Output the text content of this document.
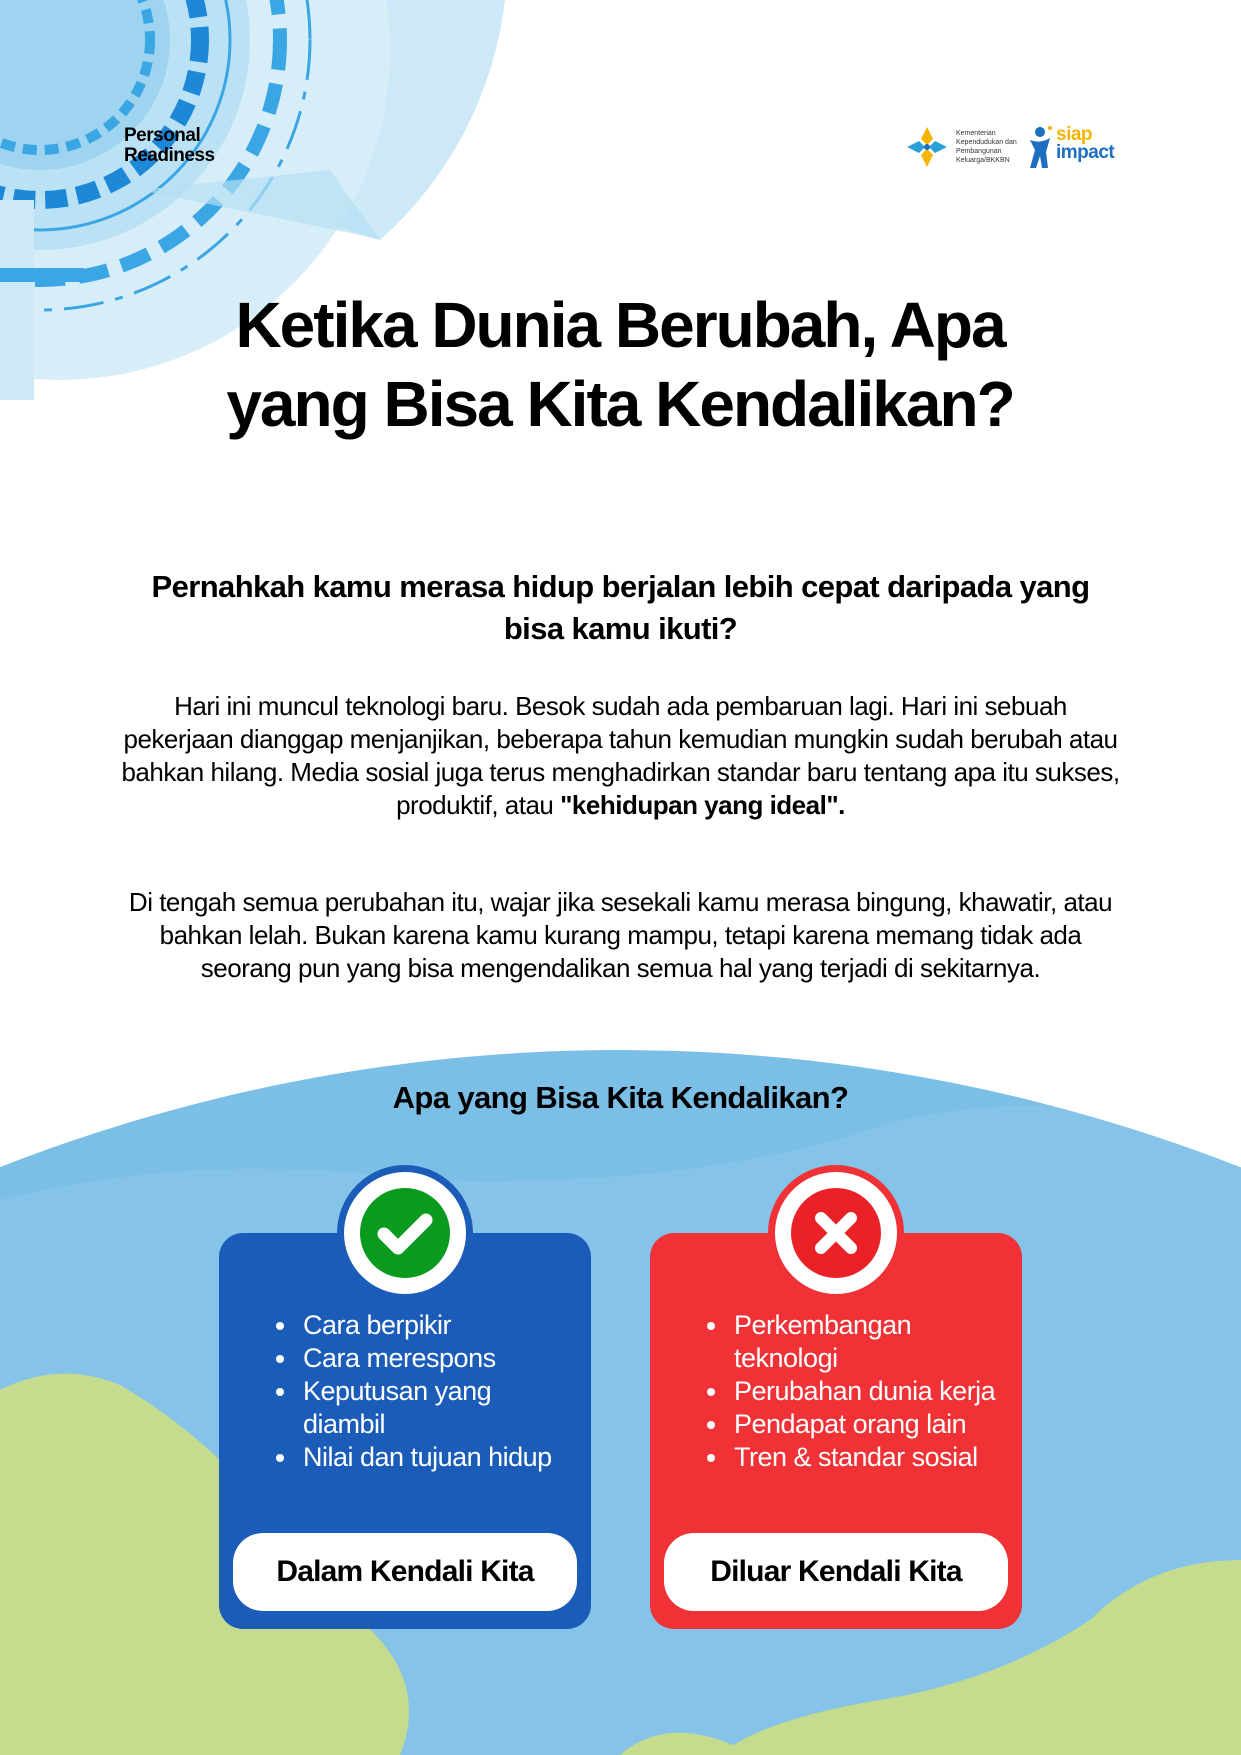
Personal
Readiness
Kementerian Kependudukan dan Pembangunan Keluarga/BKKBN
siap
impact
Ketika Dunia Berubah, Apa yang Bisa Kita Kendalikan?
Pernahkah kamu merasa hidup berjalan lebih cepat daripada yang bisa kamu ikuti?

Hari ini muncul teknologi baru. Besok sudah ada pembaruan lagi. Hari ini sebuah pekerjaan dianggap menjanjikan, beberapa tahun kemudian mungkin sudah berubah atau bahkan hilang. Media sosial juga terus menghadirkan standar baru tentang apa itu sukses, produktif, atau "kehidupan yang ideal".

Di tengah semua perubahan itu, wajar jika sesekali kamu merasa bingung, khawatir, atau bahkan lelah. Bukan karena kamu kurang mampu, tetapi karena memang tidak ada seorang pun yang bisa mengendalikan semua hal yang terjadi di sekitarnya.

Apa yang Bisa Kita Kendalikan?
• Cara berpikir
• Cara merespons
• Keputusan yang diambil
• Nilai dan tujuan hidup
Dalam Kendali Kita
• Perkembangan teknologi
• Perubahan dunia kerja
• Pendapat orang lain
• Tren & standar sosial
Diluar Kendali Kita
